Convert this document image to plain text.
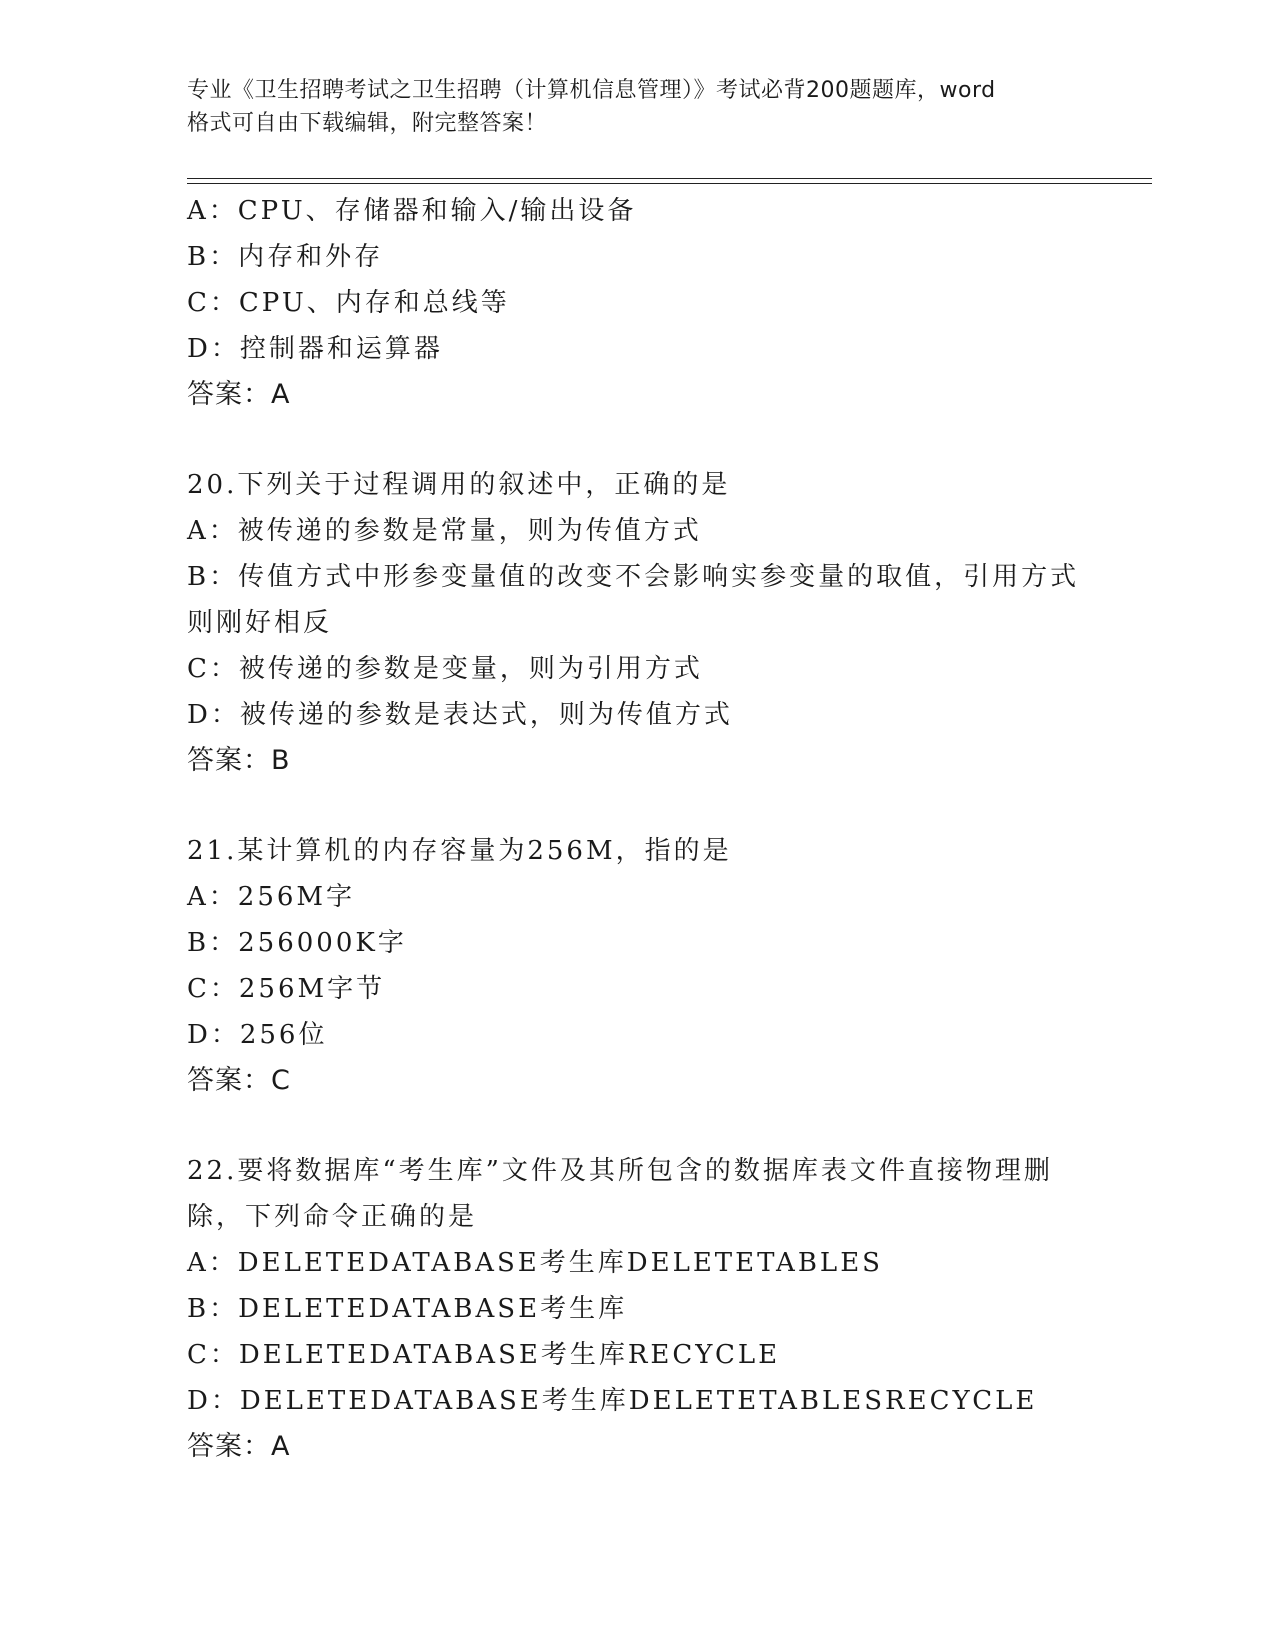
专业《卫生招聘考试之卫生招聘（计算机信息管理）》考试必背200题题库，word
格式可自由下载编辑，附完整答案！
A：CPU、存储器和输入/输出设备
B：内存和外存
C：CPU、内存和总线等
D：控制器和运算器
答案：A
20.下列关于过程调用的叙述中，正确的是
A：被传递的参数是常量，则为传值方式
B：传值方式中形参变量值的改变不会影响实参变量的取值，引用方式
则刚好相反
C：被传递的参数是变量，则为引用方式
D：被传递的参数是表达式，则为传值方式
答案：B
21.某计算机的内存容量为256M，指的是
A：256M字
B：256000K字
C：256M字节
D：256位
答案：C
22.要将数据库“考生库”文件及其所包含的数据库表文件直接物理删
除，下列命令正确的是
A：DELETEDATABASE考生库DELETETABLES
B：DELETEDATABASE考生库
C：DELETEDATABASE考生库RECYCLE
D：DELETEDATABASE考生库DELETETABLESRECYCLE
答案：A
